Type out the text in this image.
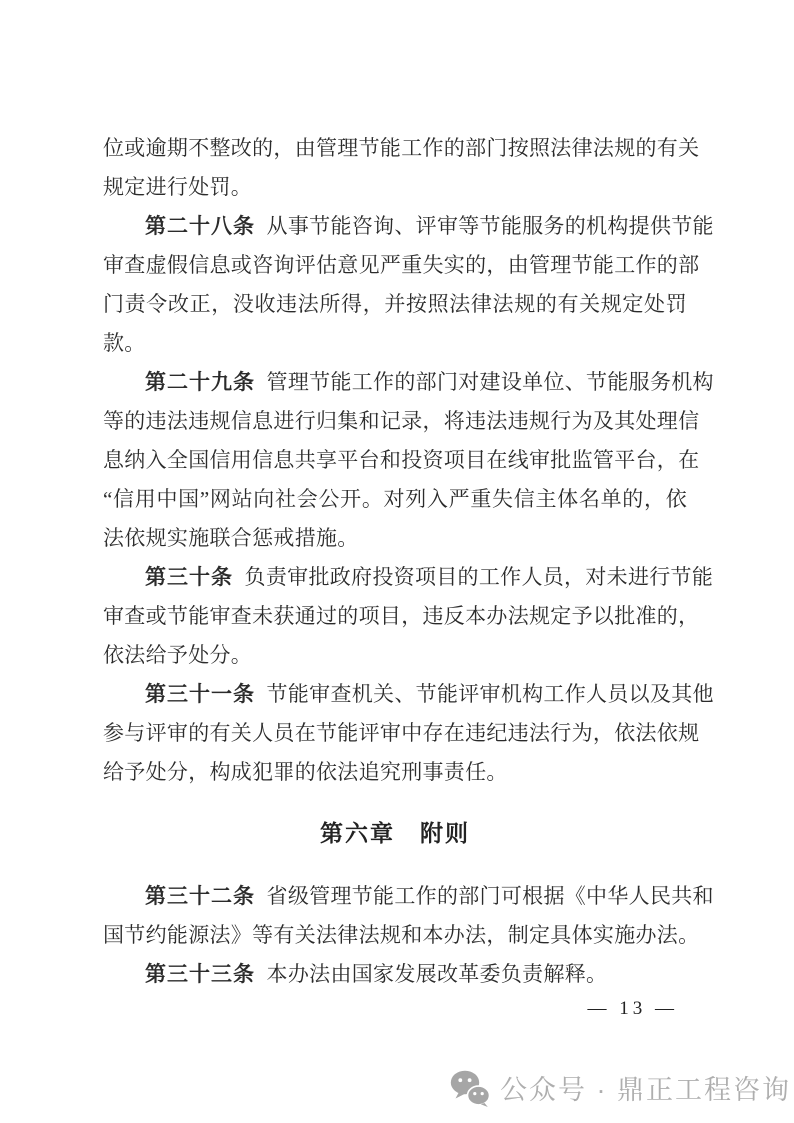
位或逾期不整改的，由管理节能工作的部门按照法律法规的有关
规定进行处罚。
第二十八条 从事节能咨询、评审等节能服务的机构提供节能
审查虚假信息或咨询评估意见严重失实的，由管理节能工作的部
门责令改正，没收违法所得，并按照法律法规的有关规定处罚
款。
第二十九条 管理节能工作的部门对建设单位、节能服务机构
等的违法违规信息进行归集和记录，将违法违规行为及其处理信
息纳入全国信用信息共享平台和投资项目在线审批监管平台，在
“信用中国”网站向社会公开。对列入严重失信主体名单的，依
法依规实施联合惩戒措施。
第三十条 负责审批政府投资项目的工作人员，对未进行节能
审查或节能审查未获通过的项目，违反本办法规定予以批准的，
依法给予处分。
第三十一条 节能审查机关、节能评审机构工作人员以及其他
参与评审的有关人员在节能评审中存在违纪违法行为，依法依规
给予处分，构成犯罪的依法追究刑事责任。
第六章　附则
第三十二条 省级管理节能工作的部门可根据《中华人民共和
国节约能源法》等有关法律法规和本办法，制定具体实施办法。
第三十三条 本办法由国家发展改革委负责解释。
— 13 —
公众号 · 鼎正工程咨询
